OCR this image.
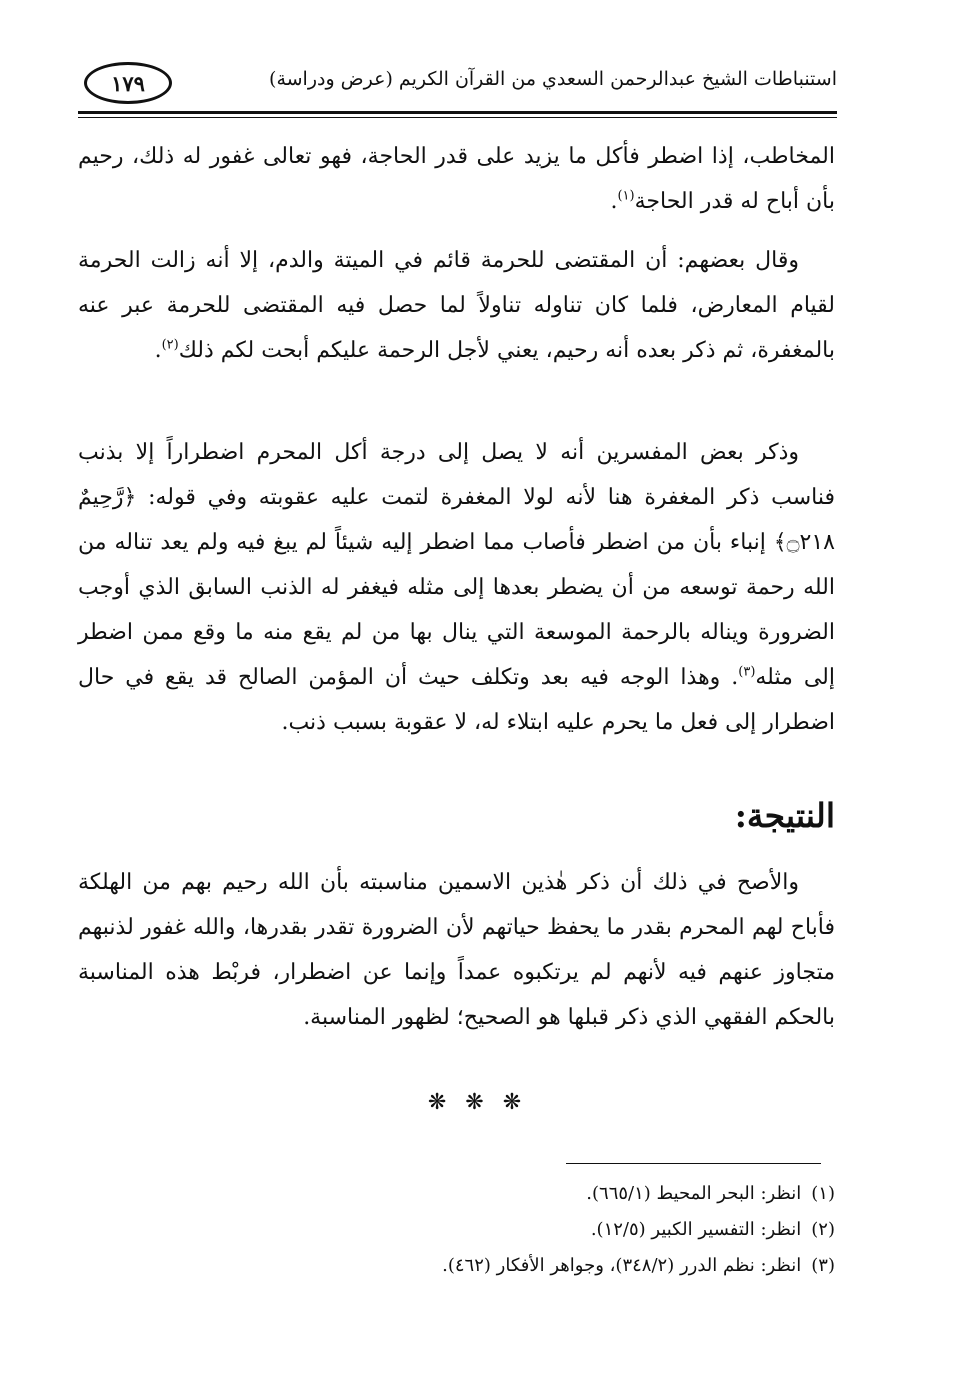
استنباطات الشيخ عبدالرحمن السعدي من القرآن الكريم (عرض ودراسة)
١٧٩
المخاطب، إذا اضطر فأكل ما يزيد على قدر الحاجة، فهو تعالى غفور له ذلك، رحيم بأن أباح له قدر الحاجة$^{(١)}$.
وقال بعضهم: أن المقتضى للحرمة قائم في الميتة والدم، إلا أنه زالت الحرمة لقيام المعارض، فلما كان تناوله تناولاً لما حصل فيه المقتضى للحرمة عبر عنه بالمغفرة، ثم ذكر بعده أنه رحيم، يعني لأجل الرحمة عليكم أبحت لكم ذلك$^{(٢)}$.
وذكر بعض المفسرين أنه لا يصل إلى درجة أكل المحرم اضطراراً إلا بذنب فناسب ذكر المغفرة هنا لأنه لولا المغفرة لتمت عليه عقوبته وفي قوله: ﴿رَّحِيمٌ ۝٢١٨﴾ إنباء بأن من اضطر فأصاب مما اضطر إليه شيئاً لم يبغ فيه ولم يعد تناله من الله رحمة توسعه من أن يضطر بعدها إلى مثله فيغفر له الذنب السابق الذي أوجب الضرورة ويناله بالرحمة الموسعة التي ينال بها من لم يقع منه ما وقع ممن اضطر إلى مثله$^{(٣)}$. وهذا الوجه فيه بعد وتكلف حيث أن المؤمن الصالح قد يقع في حال اضطرار إلى فعل ما يحرم عليه ابتلاء له، لا عقوبة بسبب ذنب.
النتيجة:
والأصح في ذلك أن ذكر هٰذين الاسمين مناسبته بأن الله رحيم بهم من الهلكة فأباح لهم المحرم بقدر ما يحفظ حياتهم لأن الضرورة تقدر بقدرها، والله غفور لذنبهم متجاوز عنهم فيه لأنهم لم يرتكبوه عمداً وإنما عن اضطرار، فربْط هذه المناسبة بالحكم الفقهي الذي ذكر قبلها هو الصحيح؛ لظهور المناسبة.
❋ ❋ ❋
(١)انظر: البحر المحيط (٦٦٥/١).
(٢)انظر: التفسير الكبير (١٢/٥).
(٣)انظر: نظم الدرر (٣٤٨/٢)، وجواهر الأفكار (٤٦٢).
